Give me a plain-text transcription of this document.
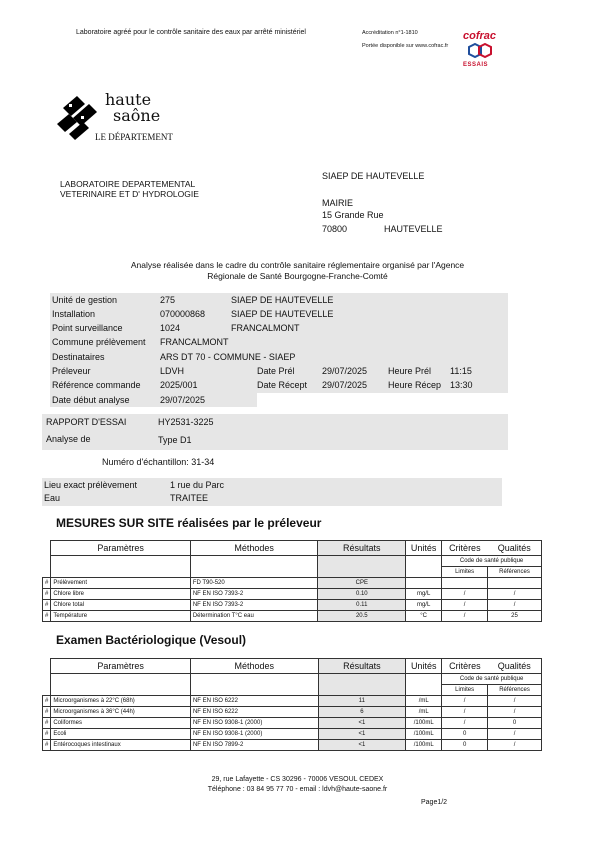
Laboratoire agréé pour le contrôle sanitaire des eaux par arrêté ministériel	Accréditation n°1-1810
Portée disponible sur www.cofrac.fr
cofrac
ESSAIS
haute
saône
LE DÉPARTEMENT
LABORATOIRE DEPARTEMENTAL
VETERINAIRE ET D' HYDROLOGIE
SIAEP DE HAUTEVELLE
MAIRIE
15 Grande Rue
70800	HAUTEVELLE
Analyse réalisée dans le cadre du contrôle sanitaire réglementaire organisé par l'Agence
Régionale de Santé Bourgogne-Franche-Comté
Unité de gestion	275	SIAEP DE HAUTEVELLE
Installation	070000868	SIAEP DE HAUTEVELLE
Point surveillance	1024	FRANCALMONT
Commune prélèvement FRANCALMONT
Destinataires	ARS DT 70 - COMMUNE - SIAEP
Préleveur	LDVH	Date Prél	29/07/2025 Heure Prél 11:15
Référence commande 2025/001	Date Récept 29/07/2025 Heure Récep 13:30
Date début analyse	29/07/2025
RAPPORT D'ESSAI	HY2531-3225
Analyse de	Type D1
Numéro d'échantillon: 31-34
Lieu exact prélèvement	1 rue du Parc
Eau	TRAITEE
MESURES SUR SITE réalisées par le préleveur
	Paramètres	Méthodes	Résultats	Unités	Critères	Qualités
					Code de santé publique	
					Limites	Références
#	Prélèvement	FD T90-520	CPE			
#	Chlore libre	NF EN ISO 7393-2	0.10	mg/L	/	/
#	Chlore total	NF EN ISO 7393-2	0.11	mg/L	/	/
#	Température	Détermination T°C eau	20.5	°C	/	25
Examen Bactériologique (Vesoul)
	Paramètres	Méthodes	Résultats	Unités	Critères	Qualités
					Code de santé publique	
					Limites	Références
#	Microorganismes à 22°C (68h)	NF EN ISO 6222	11	/mL	/	/
#	Microorganismes à 36°C (44h)	NF EN ISO 6222	6	/mL	/	/
#	Coliformes	NF EN ISO 9308-1 (2000)	<1	/100mL	/	0
#	Ecoli	NF EN ISO 9308-1 (2000)	<1	/100mL	0	/
#	Entérocoques intestinaux	NF EN ISO 7899-2	<1	/100mL	0	/
29, rue Lafayette - CS 30296 - 70006 VESOUL CEDEX
Téléphone : 03 84 95 77 70 - email : ldvh@haute-saone.fr
Page1/2
